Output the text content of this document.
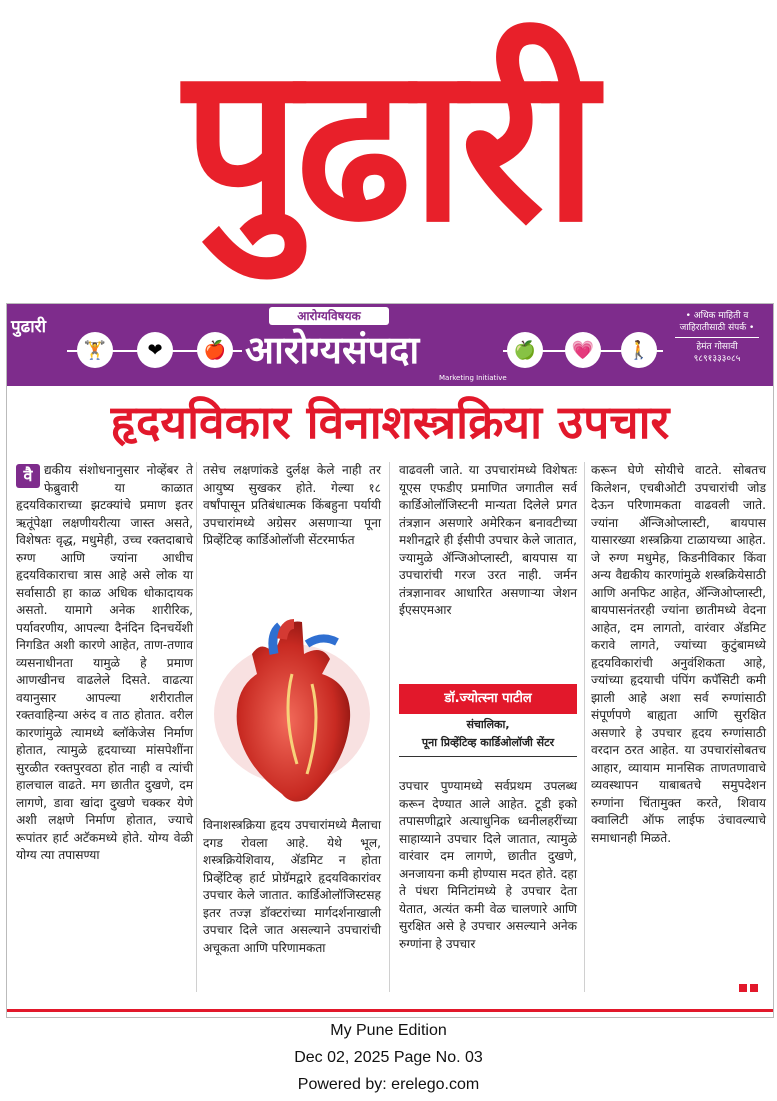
पुढारी
पुढारी
आरोग्यविषयक
🏋	❤	🍎 आरोग्यसंपदा
Marketing Initiative
🍏	💗	🚶
• अधिक माहिती व
जाहिरातीसाठी संपर्क •
हेमंत गोसावी
९८९१३३३०८५
हृदयविकार विनाशस्त्रक्रिया उपचार
वै द्यकीय संशोधनानुसार नोव्हेंबर ते फेब्रुवारी या काळात हृदयविकाराच्या झटक्यांचे प्रमाण इतर ऋतूंपेक्षा लक्षणीयरीत्या जास्त असते, विशेषतः वृद्ध, मधुमेही, उच्च रक्तदाबाचे रुग्ण आणि ज्यांना आधीच हृदयविकाराचा त्रास आहे असे लोक या सर्वासाठी हा काळ अधिक धोकादायक असतो. यामागे अनेक शारीरिक, पर्यावरणीय, आपल्या दैनंदिन दिनचर्येशी निगडित अशी कारणे आहेत, ताण-तणाव व्यसनाधीनता यामुळे हे प्रमाण आणखीनच वाढलेले दिसते. वाढत्या वयानुसार आपल्या शरीरातील रक्तवाहिन्या अरुंद व ताठ होतात. वरील कारणांमुळे त्यामध्ये ब्लॉकेजेस निर्माण होतात, त्यामुळे हृदयाच्या मांसपेशींना सुरळीत रक्तपुरवठा होत नाही व त्यांची हालचाल वाढते. मग छातीत दुखणे, दम लागणे, डावा खांदा दुखणे चक्कर येणे अशी लक्षणे निर्माण होतात, ज्याचे रूपांतर हार्ट अटॅकमध्ये होते. योग्य वेळी योग्य त्या तपासण्या

तसेच लक्षणांकडे दुर्लक्ष केले नाही तर आयुष्य सुखकर होते. गेल्या १८ वर्षांपासून प्रतिबंधात्मक किंबहुना पर्यायी उपचारांमध्ये अग्रेसर असणाऱ्या पूना प्रिव्हेंटिव्ह कार्डिओलॉजी सेंटरमार्फत

विनाशस्त्रक्रिया हृदय उपचारांमध्ये मैलाचा दगड रोवला आहे. येथे भूल, शस्त्रक्रियेशिवाय, ॲडमिट न होता प्रिव्हेंटिव्ह हार्ट प्रोग्रॅमद्वारे हृदयविकारांवर उपचार केले जातात. कार्डिओलॉजिस्टसह इतर तज्ज्ञ डॉक्टरांच्या मार्गदर्शनाखाली उपचार दिले जात असल्याने उपचारांची अचूकता आणि परिणामकता

वाढवली जाते. या उपचारांमध्ये विशेषतः यूएस एफडीए प्रमाणित जगातील सर्व कार्डिओलॉजिस्टनी मान्यता दिलेले प्रगत तंत्रज्ञान असणारे अमेरिकन बनावटीच्या मशीनद्वारे ही ईसीपी उपचार केले जातात, ज्यामुळे ॲन्जिओप्लास्टी, बायपास या उपचारांची गरज उरत नाही. जर्मन तंत्रज्ञानावर आधारित असणाऱ्या जेशन ईएसएमआर

डॉ.ज्योत्स्ना पाटील
संचालिका,
पूना प्रिव्हेंटिव्ह कार्डिओलॉजी सेंटर

उपचार पुण्यामध्ये सर्वप्रथम उपलब्ध करून देण्यात आले आहेत. टूडी इको तपासणीद्वारे अत्याधुनिक ध्वनीलहरींच्या साहाय्याने उपचार दिले जातात, त्यामुळे वारंवार दम लागणे, छातीत दुखणे, अनजायना कमी होण्यास मदत होते. दहा ते पंधरा मिनिटांमध्ये हे उपचार देता येतात, अत्यंत कमी वेळ चालणारे आणि सुरक्षित असे हे उपचार असल्याने अनेक रुग्णांना हे उपचार

करून घेणे सोयीचे वाटते. सोबतच किलेशन, एचबीओटी उपचारांची जोड देऊन परिणामकता वाढवली जाते. ज्यांना ॲन्जिओप्लास्टी, बायपास यासारख्या शस्त्रक्रिया टाळायच्या आहेत. जे रुग्ण मधुमेह, किडनीविकार किंवा अन्य वैद्यकीय कारणांमुळे शस्त्रक्रियेसाठी आणि अनफिट आहेत, ॲन्जिओप्लास्टी, बायपासनंतरही ज्यांना छातीमध्ये वेदना आहेत, दम लागतो, वारंवार ॲडमिट करावे लागते, ज्यांच्या कुटुंबामध्ये हृदयविकारांची अनुवंशिकता आहे, ज्यांच्या हृदयाची पंपिंग कपॅसिटी कमी झाली आहे अशा सर्व रुग्णांसाठी संपूर्णपणे बाह्यता आणि सुरक्षित असणारे हे उपचार हृदय रुग्णांसाठी वरदान ठरत आहेत. या उपचारांसोबतच आहार, व्यायाम मानसिक ताणतणावाचे व्यवस्थापन याबाबतचे समुपदेशन रुग्णांना चिंतामुक्त करते, शिवाय क्वालिटी ऑफ लाईफ उंचावल्याचे समाधानही मिळते.

My Pune Edition
Dec 02, 2025 Page No. 03
Powered by: erelego.com
